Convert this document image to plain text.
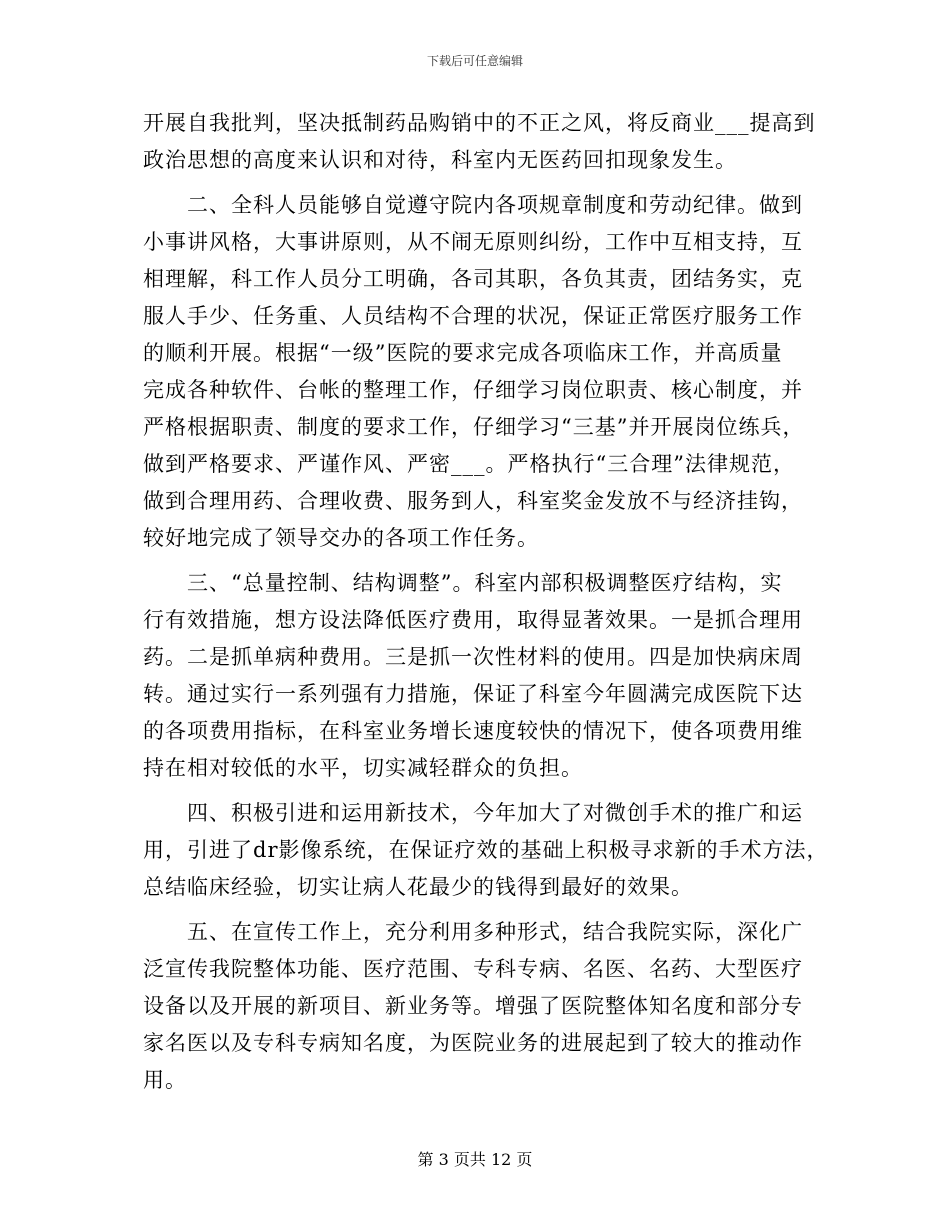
下载后可任意编辑
开展自我批判，坚决抵制药品购销中的不正之风，将反商业___提高到
政治思想的高度来认识和对待，科室内无医药回扣现象发生。
　　二、全科人员能够自觉遵守院内各项规章制度和劳动纪律。做到
小事讲风格，大事讲原则，从不闹无原则纠纷，工作中互相支持，互
相理解，科工作人员分工明确，各司其职，各负其责，团结务实，克
服人手少、任务重、人员结构不合理的状况，保证正常医疗服务工作
的顺利开展。根据“一级”医院的要求完成各项临床工作，并高质量
完成各种软件、台帐的整理工作，仔细学习岗位职责、核心制度，并
严格根据职责、制度的要求工作，仔细学习“三基”并开展岗位练兵，
做到严格要求、严谨作风、严密___。严格执行“三合理”法律规范，
做到合理用药、合理收费、服务到人，科室奖金发放不与经济挂钩，
较好地完成了领导交办的各项工作任务。
　　三、“总量控制、结构调整”。科室内部积极调整医疗结构，实
行有效措施，想方设法降低医疗费用，取得显著效果。一是抓合理用
药。二是抓单病种费用。三是抓一次性材料的使用。四是加快病床周
转。通过实行一系列强有力措施，保证了科室今年圆满完成医院下达
的各项费用指标，在科室业务增长速度较快的情况下，使各项费用维
持在相对较低的水平，切实减轻群众的负担。
　　四、积极引进和运用新技术，今年加大了对微创手术的推广和运
用，引进了dr影像系统，在保证疗效的基础上积极寻求新的手术方法，
总结临床经验，切实让病人花最少的钱得到最好的效果。
　　五、在宣传工作上，充分利用多种形式，结合我院实际，深化广
泛宣传我院整体功能、医疗范围、专科专病、名医、名药、大型医疗
设备以及开展的新项目、新业务等。增强了医院整体知名度和部分专
家名医以及专科专病知名度，为医院业务的进展起到了较大的推动作
用。
第 3 页共 12 页
